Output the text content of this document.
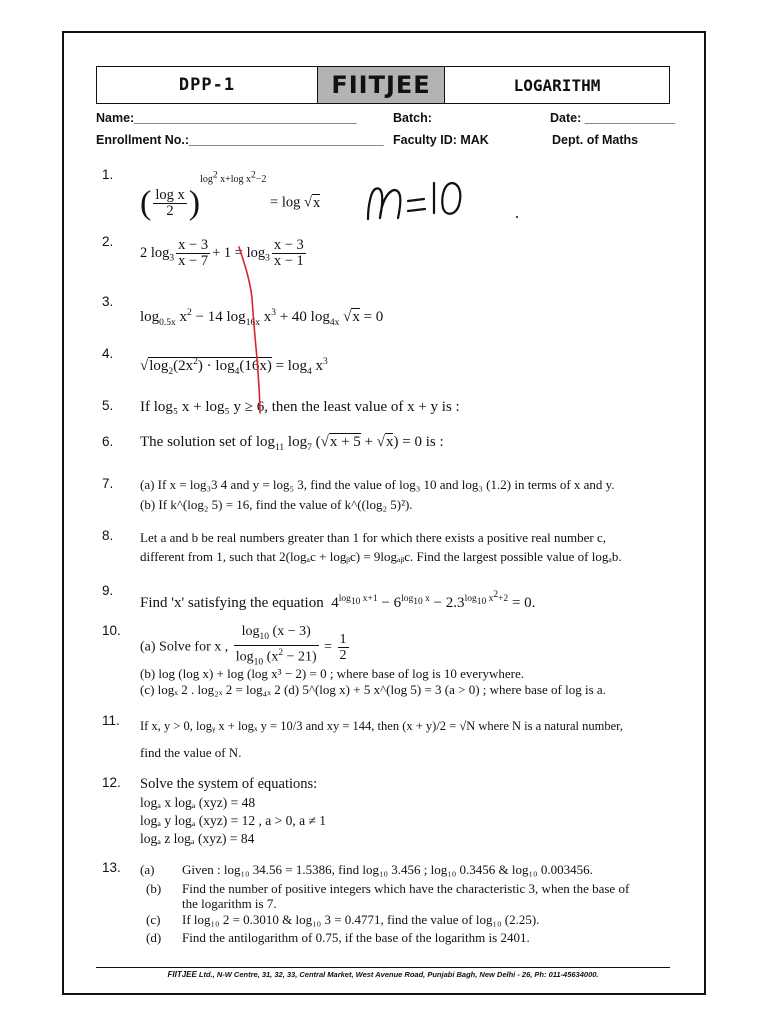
DPP-1	FIITJEE	LOGARITHM
Name:________________________________	Batch:	Date: _____________
Enrollment No.:____________________________ Faculty ID: MAK	Dept. of Maths
1.
2.
3.
4.
5.
6.
7.
8.
9.
10.
11.
12.
13.
( $\frac{\text{log x}}{2} )^{log^2 x+log x^2-2} = \log √x$
2 $\log_3 \frac{x - 3}{x - 7} + 1 = \log_3 \frac{x - 3}{x - 1}$
$\log_{0.5x} x^2 - 14$ $\log_{16x} x^3 + 40$ $\log_{4x} √x = 0$
$√\log_2(2x^2) \cdot \log_4(16x) = \log_4 x^3$
If log₅ x + log₅ y ≥ 6, then the least value of x + y is :
The solution set of $\log_{11} \log_7 (√x + 5 + √x) = 0$ is :
(a) If x = log₃3 4 and y = log₅ 3, find the value of log₃ 10 and log₃ (1.2) in terms of x and y.
(b) If k^(log₂ 5) = 16, find the value of k^((log₂ 5)²).
Let a and b be real numbers greater than 1 for which there exists a positive real number c,
different from 1, such that 2(logₐc + logᵦc) = 9logₐᵦc. Find the largest possible value of logₐb.
Find 'x' satisfying the equation  $4^{log_{10} x+1} - 6^{log_{10} x} - 2.3^{log_{10} x^2+2} = 0$.
(a) Solve for x , $\frac{\log_{10} (x - 3)}{\log_{10} (x^2 - 21)} = \frac{1}{2}$
(b) log (log x) + log (log x³ − 2) = 0 ; where base of log is 10 everywhere.
(c) logₓ 2 . log₂ₓ 2 = log₄ₓ 2 (d) 5^(log x) + 5 x^(log 5) = 3 (a > 0) ; where base of log is a.
If x, y > 0, logᵧ x + logₓ y = 10/3 and xy = 144, then (x + y)/2 = √N where N is a natural number,
find the value of N.
Solve the system of equations:
logₐ x logₐ (xyz) = 48
logₐ y logₐ (xyz) = 12 , a > 0, a ≠ 1
logₐ z logₐ (xyz) = 84
(a) Given : log₁₀ 34.56 = 1.5386, find log₁₀ 3.456 ; log₁₀ 0.3456 & log₁₀ 0.003456.
(b) Find the number of positive integers which have the characteristic 3, when the base of
the logarithm is 7.
(c) If log₁₀ 2 = 0.3010 & log₁₀ 3 = 0.4771, find the value of log₁₀ (2.25).
(d) Find the antilogarithm of 0.75, if the base of the logarithm is 2401.
FIITJEE Ltd., N-W Centre, 31, 32, 33, Central Market, West Avenue Road, Punjabi Bagh, New Delhi - 26, Ph: 011-45634000.
